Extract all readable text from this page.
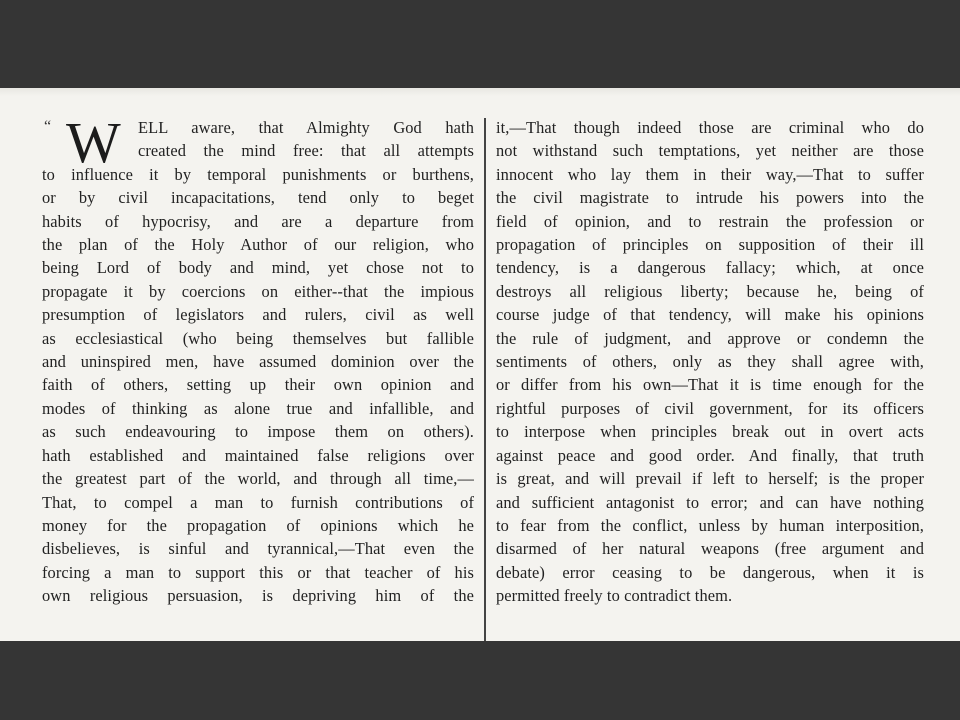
“ W	ELL aware, that Almighty God hath
created the mind free: that all attempts
to influence it by temporal punishments or burthens,
or by civil incapacitations, tend only to beget
habits of hypocrisy, and are a departure from
the plan of the Holy Author of our religion, who
being Lord of body and mind, yet chose not to
propagate it by coercions on either--that the impious
presumption of legislators and rulers, civil as well
as ecclesiastical (who being themselves but fallible
and uninspired men, have assumed dominion over the
faith of others, setting up their own opinion and
modes of thinking as alone true and infallible, and
as such endeavouring to impose them on others).
hath established and maintained false religions over
the greatest part of the world, and through all time,—
That, to compel a man to furnish contributions of
money for the propagation of opinions which he
disbelieves, is sinful and tyrannical,—That even the
forcing a man to support this or that teacher of his
own religious persuasion, is depriving him of the
it,—That though indeed those are criminal who do
not withstand such temptations, yet neither are those
innocent who lay them in their way,—That to suffer
the civil magistrate to intrude his powers into the
field of opinion, and to restrain the profession or
propagation of principles on supposition of their ill
tendency, is a dangerous fallacy; which, at once
destroys all religious liberty; because he, being of
course judge of that tendency, will make his opinions
the rule of judgment, and approve or condemn the
sentiments of others, only as they shall agree with,
or differ from his own—That it is time enough for the
rightful purposes of civil government, for its officers
to interpose when principles break out in overt acts
against peace and good order. And finally, that truth
is great, and will prevail if left to herself; is the proper
and sufficient antagonist to error; and can have nothing
to fear from the conflict, unless by human interposition,
disarmed of her natural weapons (free argument and
debate) error ceasing to be dangerous, when it is
permitted freely to contradict them.
